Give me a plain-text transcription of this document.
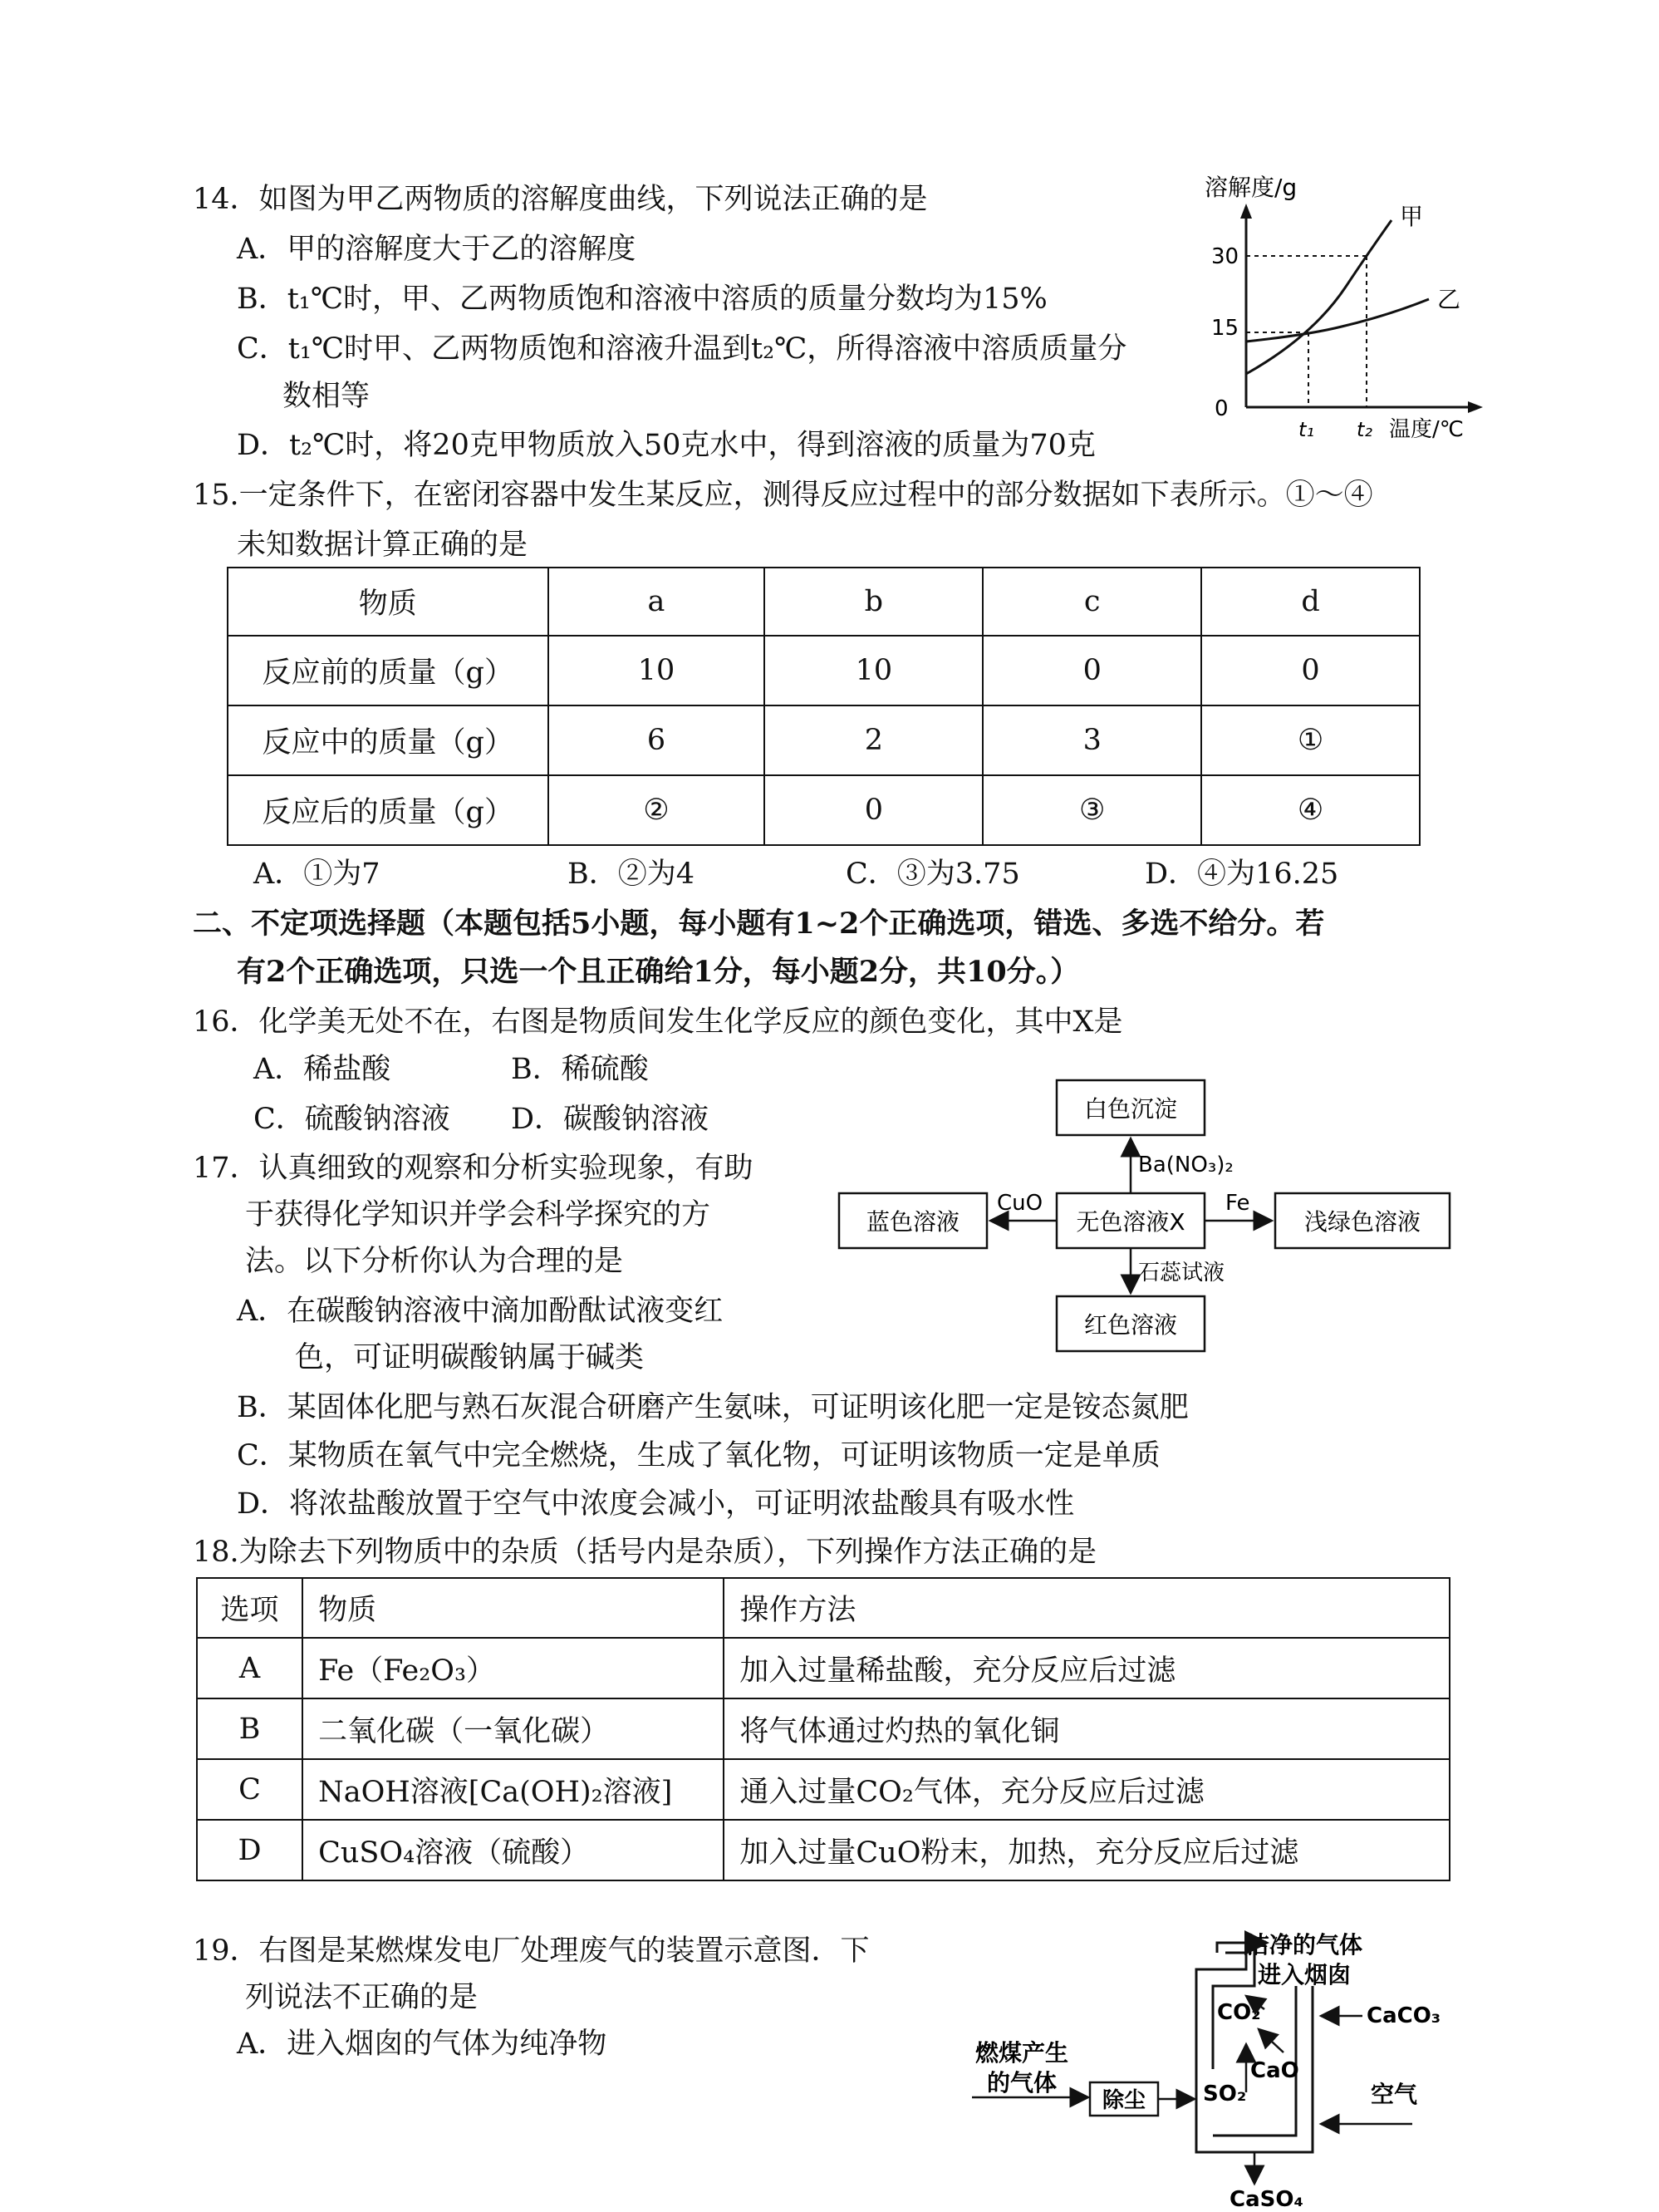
14．如图为甲乙两物质的溶解度曲线，下列说法正确的是
A．甲的溶解度大于乙的溶解度
B．t₁℃时，甲、乙两物质饱和溶液中溶质的质量分数均为15%
C．t₁℃时甲、乙两物质饱和溶液升温到t₂℃，所得溶液中溶质质量分
数相等
D．t₂℃时，将20克甲物质放入50克水中，得到溶液的质量为70克
溶解度/g
30
15
0
甲
乙
t₁ t₂ 温度/℃
15.一定条件下，在密闭容器中发生某反应，测得反应过程中的部分数据如下表所示。①～④
未知数据计算正确的是
物质	a	b	c	d
反应前的质量（g）	10	10	0	0
反应中的质量（g）	6	2	3	①
反应后的质量（g）	②	0	③	④
A．①为7	B．②为4	C．③为3.75	D．④为16.25
二、不定项选择题（本题包括5小题，每小题有1~2个正确选项，错选、多选不给分。若
有2个正确选项，只选一个且正确给1分，每小题2分，共10分。）
16．化学美无处不在，右图是物质间发生化学反应的颜色变化，其中X是
A．稀盐酸	B．稀硫酸
C．硫酸钠溶液 D．碳酸钠溶液	白色沉淀
无色溶液X
蓝色溶液	浅绿色溶液
红色溶液
Ba(NO₃)₂
CuO	Fe
石蕊试液
17．认真细致的观察和分析实验现象，有助
于获得化学知识并学会科学探究的方
法。以下分析你认为合理的是
A．在碳酸钠溶液中滴加酚酞试液变红
色，可证明碳酸钠属于碱类
B．某固体化肥与熟石灰混合研磨产生氨味，可证明该化肥一定是铵态氮肥
C．某物质在氧气中完全燃烧，生成了氧化物，可证明该物质一定是单质
D．将浓盐酸放置于空气中浓度会减小，可证明浓盐酸具有吸水性
18.为除去下列物质中的杂质（括号内是杂质），下列操作方法正确的是
选项	物质	操作方法
A	Fe（Fe₂O₃）	加入过量稀盐酸，充分反应后过滤
B	二氧化碳（一氧化碳）	将气体通过灼热的氧化铜
C	NaOH溶液[Ca(OH)₂溶液]	通入过量CO₂气体，充分反应后过滤
D	CuSO₄溶液（硫酸）	加入过量CuO粉末，加热，充分反应后过滤
19．右图是某燃煤发电厂处理废气的装置示意图．下
列说法不正确的是
A．进入烟囱的气体为纯净物
洁净的气体
进入烟囱
CO₂	CaCO₃
CaO
燃煤产生
的气体
除尘	SO₂	空气
CaSO₄
